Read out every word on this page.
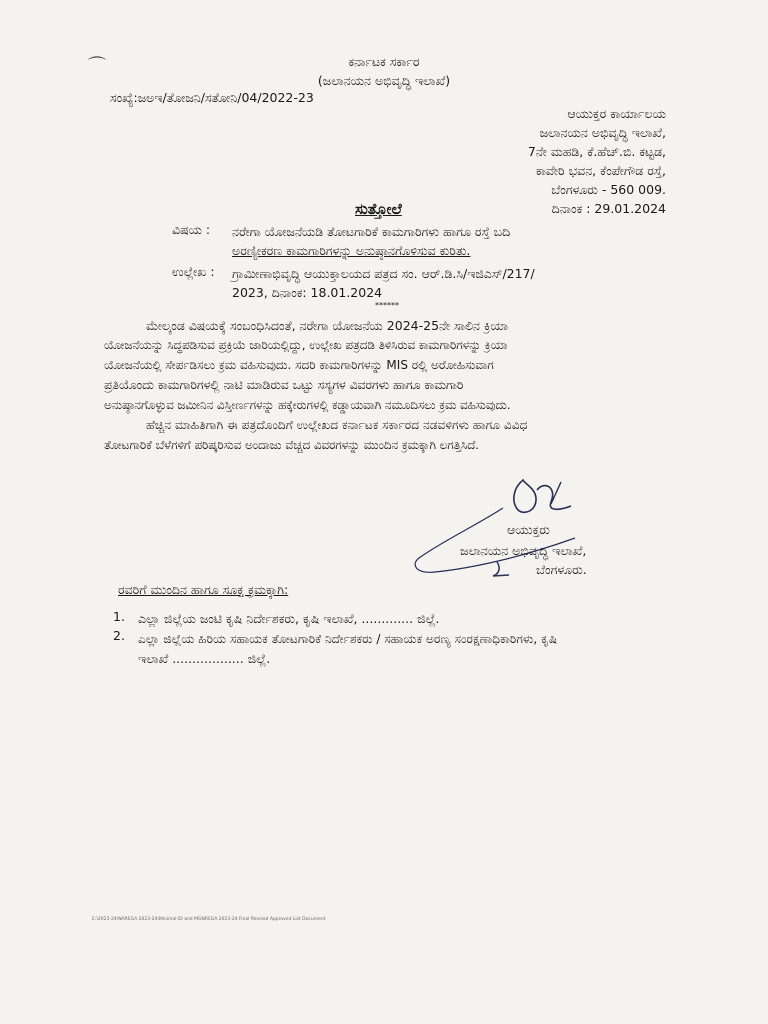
⌒	ಕರ್ನಾಟಕ ಸರ್ಕಾರ
(ಜಲಾನಯನ ಅಭಿವೃದ್ಧಿ ಇಲಾಖೆ)
ಸಂಖ್ಯೆ:ಜಅಇ/ತೋಜನಿ/ಸತೋನಿ/04/2022-23
ಆಯುಕ್ತರ ಕಾರ್ಯಾಲಯ
ಜಲಾನಯನ ಅಭಿವೃದ್ಧಿ ಇಲಾಖೆ,
7ನೇ ಮಹಡಿ, ಕೆ.ಹೆಚ್.ಬಿ. ಕಟ್ಟಡ,
ಕಾವೇರಿ ಭವನ, ಕೆಂಪೇಗೌಡ ರಸ್ತೆ,
ಬೆಂಗಳೂರು - 560 009.
ದಿನಾಂಕ : 29.01.2024
ಸುತ್ತೋಲೆ
ವಿಷಯ : ನರೇಗಾ ಯೋಜನೆಯಡಿ ತೋಟಗಾರಿಕೆ ಕಾಮಗಾರಿಗಳು ಹಾಗೂ ರಸ್ತೆ ಬದಿ
ಅರಣ್ಯೀಕರಣ ಕಾಮಗಾರಿಗಳನ್ನು ಅನುಷ್ಠಾನಗೊಳಿಸುವ ಕುರಿತು.
ಉಲ್ಲೇಖ : ಗ್ರಾಮೀಣಾಭಿವೃದ್ಧಿ ಆಯುಕ್ತಾಲಯದ ಪತ್ರದ ಸಂ. ಆರ್.ಡಿ.ಸಿ/ಇಜಿಎಸ್/217/
2023, ದಿನಾಂಕ: 18.01.2024
******
ಮೇಲ್ಕಂಡ ವಿಷಯಕ್ಕೆ ಸಂಬಂಧಿಸಿದಂತೆ, ನರೇಗಾ ಯೋಜನೆಯ 2024-25ನೇ ಸಾಲಿನ ಕ್ರಿಯಾ
ಯೋಜನೆಯನ್ನು ಸಿದ್ಧಪಡಿಸುವ ಪ್ರಕ್ರಿಯೆ ಜಾರಿಯಲ್ಲಿದ್ದು, ಉಲ್ಲೇಖ ಪತ್ರದಡಿ ತಿಳಿಸಿರುವ ಕಾಮಗಾರಿಗಳನ್ನು ಕ್ರಿಯಾ
ಯೋಜನೆಯಲ್ಲಿ ಸೇರ್ಪಡಿಸಲು ಕ್ರಮ ವಹಿಸುವುದು. ಸದರಿ ಕಾಮಗಾರಿಗಳನ್ನು MIS ರಲ್ಲಿ ಅರೋಹಿಸುವಾಗ
ಪ್ರತಿಯೊಂದು ಕಾಮಗಾರಿಗಳಲ್ಲಿ ನಾಟಿ ಮಾಡಿರುವ ಒಟ್ಟು ಸಸ್ಯಗಳ ವಿವರಗಳು ಹಾಗೂ ಕಾಮಗಾರಿ
ಅನುಷ್ಠಾನಗೊಳ್ಳುವ ಜಮೀನಿನ ವಿಸ್ತೀರ್ಣಗಳನ್ನು ಹಕ್ಕೇರುಗಳಲ್ಲಿ ಕಡ್ಡಾಯವಾಗಿ ನಮೂದಿಸಲು ಕ್ರಮ ವಹಿಸುವುದು.
ಹೆಚ್ಚಿನ ಮಾಹಿತಿಗಾಗಿ ಈ ಪತ್ರದೊಂದಿಗೆ ಉಲ್ಲೇಖದ ಕರ್ನಾಟಕ ಸರ್ಕಾರದ ನಡವಳಿಗಳು ಹಾಗೂ ವಿವಿಧ
ತೋಟಗಾರಿಕೆ ಬೆಳೆಗಳಿಗೆ ಪರಿಷ್ಕರಿಸುವ ಅಂದಾಜು ವೆಚ್ಚದ ವಿವರಗಳನ್ನು ಮುಂದಿನ ಕ್ರಮಕ್ಕಾಗಿ ಲಗತ್ತಿಸಿದೆ.
ಆಯುಕ್ತರು
ಜಲಾನಯನ ಅಭಿವೃದ್ಧಿ ಇಲಾಖೆ,
ಬೆಂಗಳೂರು.
ರವರಿಗೆ ಮುಂದಿನ ಹಾಗೂ ಸೂಕ್ತ ಕ್ರಮಕ್ಕಾಗಿ:
1. ಎಲ್ಲಾ ಜಿಲ್ಲೆಯ ಜಂಟಿ ಕೃಷಿ ನಿರ್ದೇಶಕರು, ಕೃಷಿ ಇಲಾಖೆ, ............. ಜಿಲ್ಲೆ.
2. ಎಲ್ಲಾ ಜಿಲ್ಲೆಯ ಹಿರಿಯ ಸಹಾಯಕ ತೋಟಗಾರಿಕೆ ನಿರ್ದೇಶಕರು / ಸಹಾಯಕ ಅರಣ್ಯ ಸಂರಕ್ಷಣಾಧಿಕಾರಿಗಳು, ಕೃಷಿ
ಇಲಾಖೆ .................. ಜಿಲ್ಲೆ.
E:\2023-24\NAREGA 2023-24\Minimal ID and MGNREGA 2023-24 Final Revised Approved List Document
